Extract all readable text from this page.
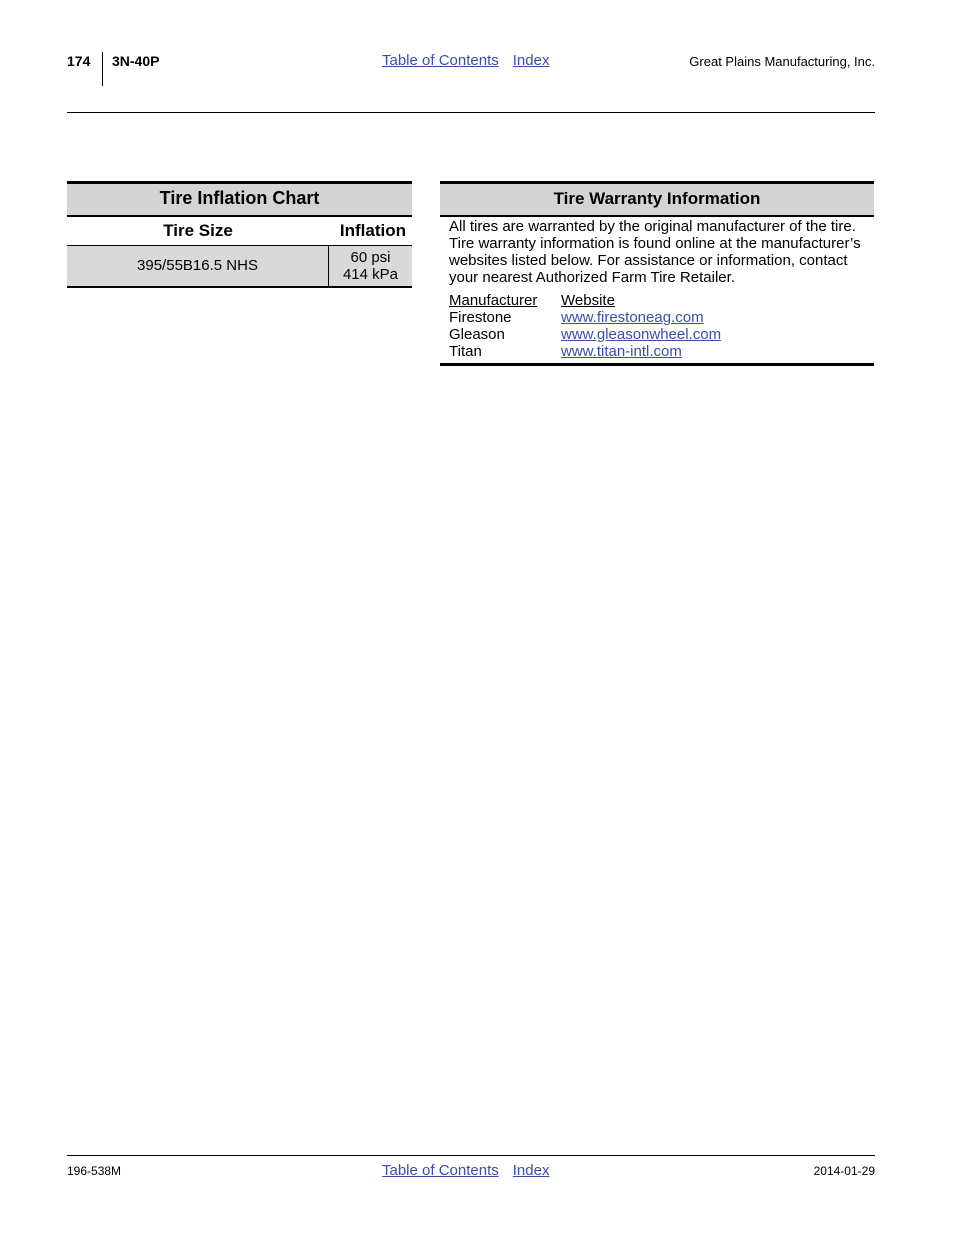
174 3N-40P	Table of Contents Index	Great Plains Manufacturing, Inc.
Tire Inflation Chart
Tire Size	Inflation
395/55B16.5 NHS	60 psi
414 kPa
Tire Warranty Information
All tires are warranted by the original manufacturer of the tire. Tire warranty information is found online at the manufacturer’s websites listed below. For assistance or information, contact your nearest Authorized Farm Tire Retailer.
Manufacturer	Website
Firestone	www.firestoneag.com
Gleason	www.gleasonwheel.com
Titan	www.titan-intl.com
196-538M	Table of Contents Index	2014-01-29
